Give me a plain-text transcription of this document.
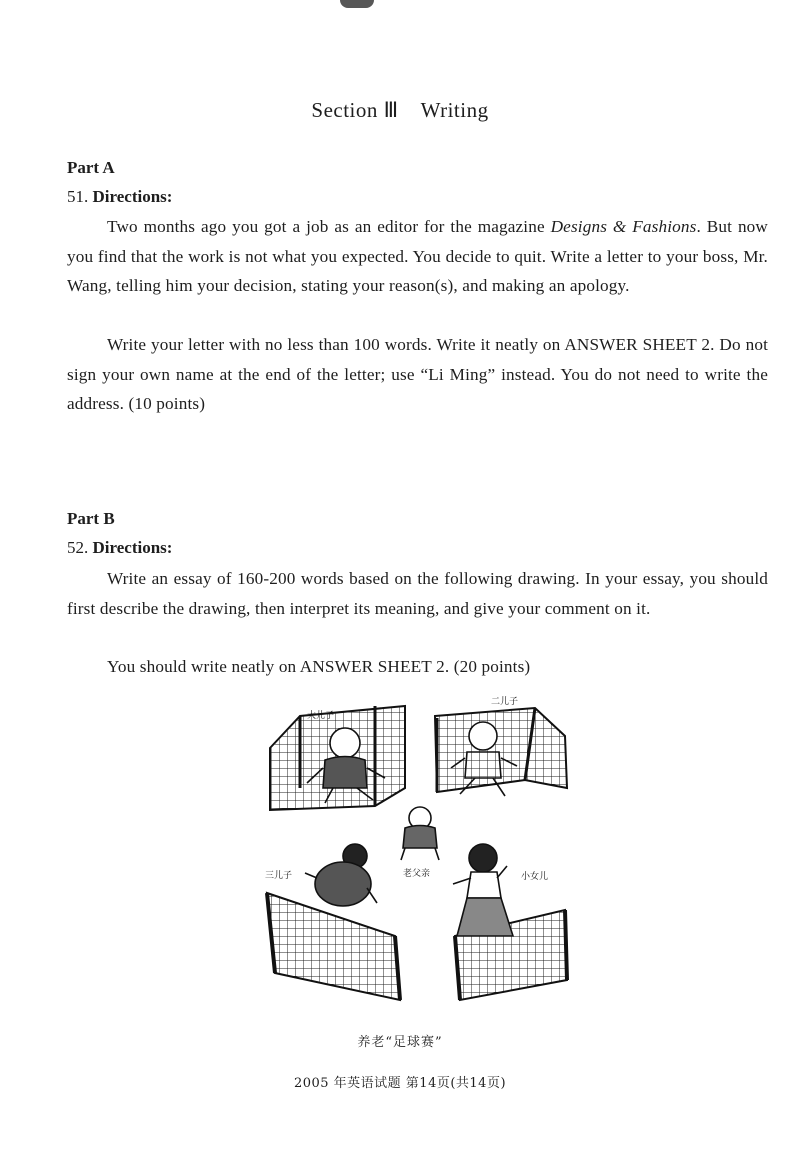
Section Ⅲ Writing
Part A
51. Directions:
Two months ago you got a job as an editor for the magazine Designs & Fashions. But now you find that the work is not what you expected. You decide to quit. Write a letter to your boss, Mr. Wang, telling him your decision, stating your reason(s), and making an apology.
Write your letter with no less than 100 words. Write it neatly on ANSWER SHEET 2. Do not sign your own name at the end of the letter; use “Li Ming” instead. You do not need to write the address. (10 points)
Part B
52. Directions:
Write an essay of 160-200 words based on the following drawing. In your essay, you should first describe the drawing, then interpret its meaning, and give your comment on it.
You should write neatly on ANSWER SHEET 2. (20 points)
大儿子
二儿子
三儿子	老父亲	小女儿
养老“足球赛”
2005 年英语试题 第14页(共14页)
